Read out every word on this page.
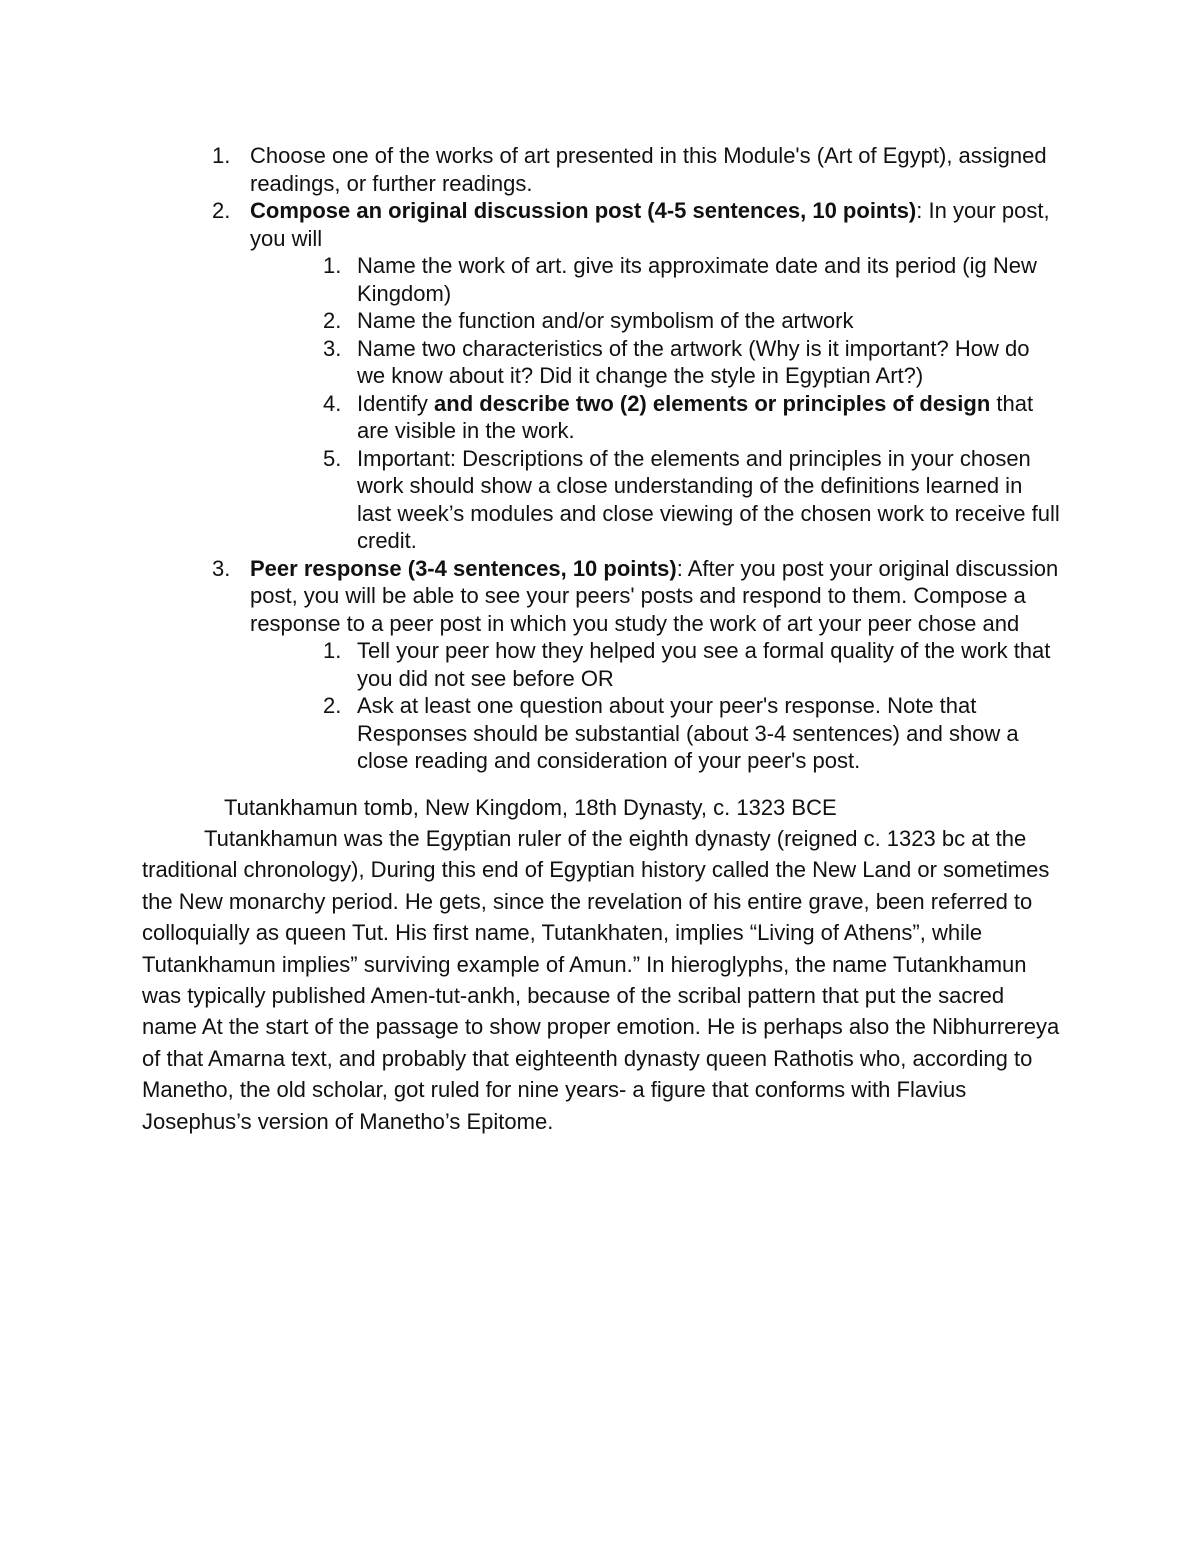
1. Choose one of the works of art presented in this Module's (Art of Egypt), assigned readings, or further readings.
2. Compose an original discussion post (4-5 sentences, 10 points): In your post, you will
1. Name the work of art. give its approximate date and its period (ig New Kingdom)
2. Name the function and/or symbolism of the artwork
3. Name two characteristics of the artwork (Why is it important? How do we know about it? Did it change the style in Egyptian Art?)
4. Identify and describe two (2) elements or principles of design that are visible in the work.
5. Important: Descriptions of the elements and principles in your chosen work should show a close understanding of the definitions learned in last week’s modules and close viewing of the chosen work to receive full credit.
3. Peer response (3-4 sentences, 10 points): After you post your original discussion post, you will be able to see your peers' posts and respond to them. Compose a response to a peer post in which you study the work of art your peer chose and
1. Tell your peer how they helped you see a formal quality of the work that you did not see before OR
2. Ask at least one question about your peer's response. Note that Responses should be substantial (about 3-4 sentences) and show a close reading and consideration of your peer's post.
Tutankhamun tomb, New Kingdom, 18th Dynasty, c. 1323 BCE

Tutankhamun was the Egyptian ruler of the eighth dynasty (reigned c. 1323 bc at the traditional chronology), During this end of Egyptian history called the New Land or sometimes the New monarchy period. He gets, since the revelation of his entire grave, been referred to colloquially as queen Tut. His first name, Tutankhaten, implies “Living of Athens”, while Tutankhamun implies” surviving example of Amun.” In hieroglyphs, the name Tutankhamun was typically published Amen-tut-ankh, because of the scribal pattern that put the sacred name At the start of the passage to show proper emotion. He is perhaps also the Nibhurrereya of that Amarna text, and probably that eighteenth dynasty queen Rathotis who, according to Manetho, the old scholar, got ruled for nine years- a figure that conforms with Flavius Josephus’s version of Manetho’s Epitome.
